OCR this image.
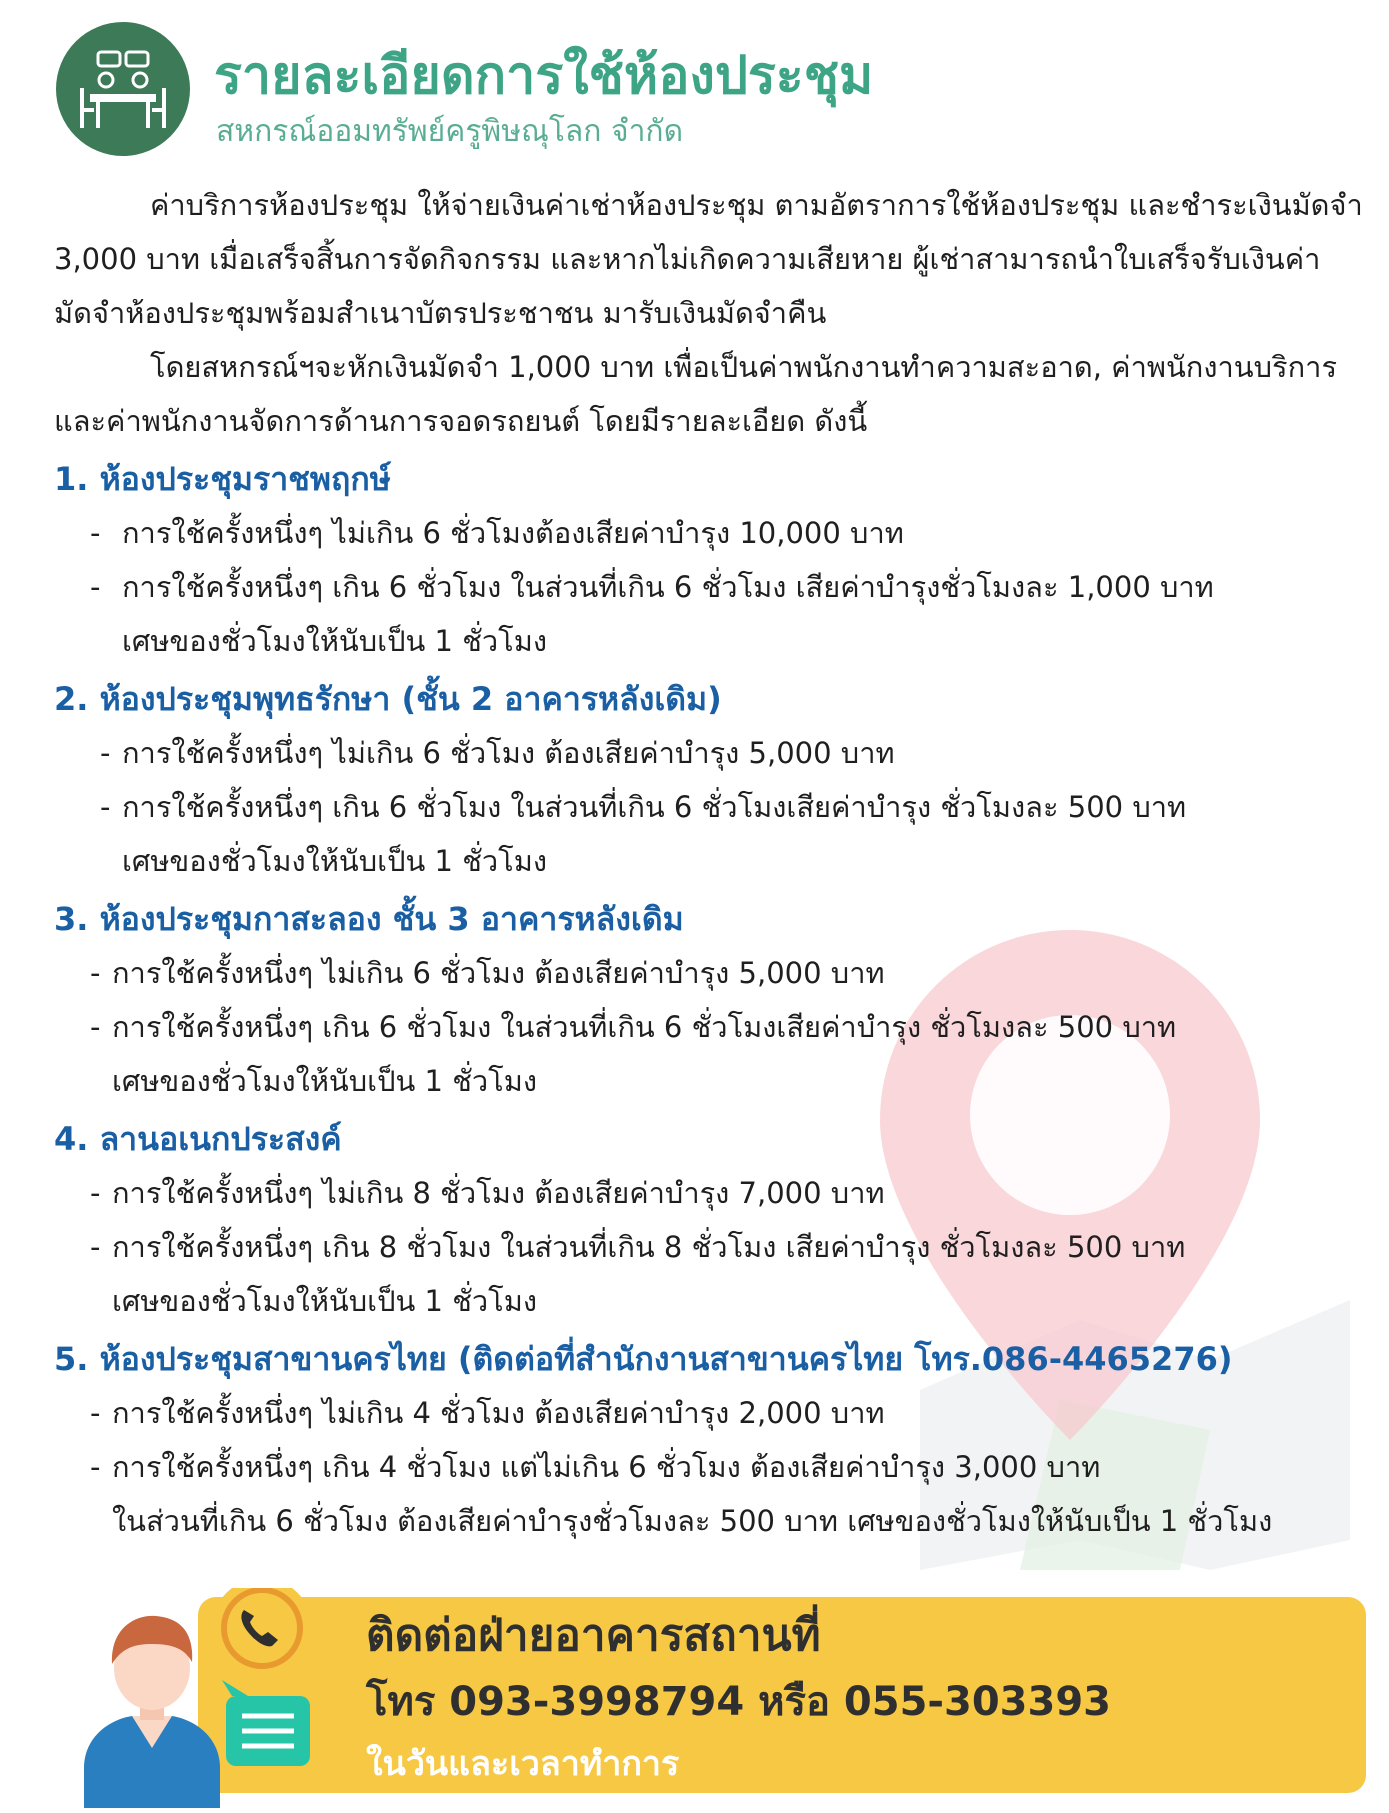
รายละเอียดการใช้ห้องประชุม
สหกรณ์ออมทรัพย์ครูพิษณุโลก จำกัด

ค่าบริการห้องประชุม ให้จ่ายเงินค่าเช่าห้องประชุม ตามอัตราการใช้ห้องประชุม และชำระเงินมัดจำ 3,000 บาท เมื่อเสร็จสิ้นการจัดกิจกรรม และหากไม่เกิดความเสียหาย ผู้เช่าสามารถนำใบเสร็จรับเงินค่ามัดจำห้องประชุมพร้อมสำเนาบัตรประชาชน มารับเงินมัดจำคืน

โดยสหกรณ์ฯจะหักเงินมัดจำ 1,000 บาท เพื่อเป็นค่าพนักงานทำความสะอาด, ค่าพนักงานบริการ และค่าพนักงานจัดการด้านการจอดรถยนต์ โดยมีรายละเอียด ดังนี้

1. ห้องประชุมราชพฤกษ์
- การใช้ครั้งหนึ่งๆ ไม่เกิน 6 ชั่วโมงต้องเสียค่าบำรุง 10,000 บาท
- การใช้ครั้งหนึ่งๆ เกิน 6 ชั่วโมง ในส่วนที่เกิน 6 ชั่วโมง เสียค่าบำรุงชั่วโมงละ 1,000 บาท
เศษของชั่วโมงให้นับเป็น 1 ชั่วโมง
2. ห้องประชุมพุทธรักษา (ชั้น 2 อาคารหลังเดิม)
- การใช้ครั้งหนึ่งๆ ไม่เกิน 6 ชั่วโมง ต้องเสียค่าบำรุง 5,000 บาท
- การใช้ครั้งหนึ่งๆ เกิน 6 ชั่วโมง ในส่วนที่เกิน 6 ชั่วโมงเสียค่าบำรุง ชั่วโมงละ 500 บาท
เศษของชั่วโมงให้นับเป็น 1 ชั่วโมง
3. ห้องประชุมกาสะลอง ชั้น 3 อาคารหลังเดิม
- การใช้ครั้งหนึ่งๆ ไม่เกิน 6 ชั่วโมง ต้องเสียค่าบำรุง 5,000 บาท
- การใช้ครั้งหนึ่งๆ เกิน 6 ชั่วโมง ในส่วนที่เกิน 6 ชั่วโมงเสียค่าบำรุง ชั่วโมงละ 500 บาท
เศษของชั่วโมงให้นับเป็น 1 ชั่วโมง
4. ลานอเนกประสงค์
- การใช้ครั้งหนึ่งๆ ไม่เกิน 8 ชั่วโมง ต้องเสียค่าบำรุง 7,000 บาท
- การใช้ครั้งหนึ่งๆ เกิน 8 ชั่วโมง ในส่วนที่เกิน 8 ชั่วโมง เสียค่าบำรุง ชั่วโมงละ 500 บาท
เศษของชั่วโมงให้นับเป็น 1 ชั่วโมง
5. ห้องประชุมสาขานครไทย (ติดต่อที่สำนักงานสาขานครไทย โทร.086-4465276)
- การใช้ครั้งหนึ่งๆ ไม่เกิน 4 ชั่วโมง ต้องเสียค่าบำรุง 2,000 บาท
- การใช้ครั้งหนึ่งๆ เกิน 4 ชั่วโมง แต่ไม่เกิน 6 ชั่วโมง ต้องเสียค่าบำรุง 3,000 บาท
ในส่วนที่เกิน 6 ชั่วโมง ต้องเสียค่าบำรุงชั่วโมงละ 500 บาท เศษของชั่วโมงให้นับเป็น 1 ชั่วโมง
ติดต่อฝ่ายอาคารสถานที่
โทร 093-3998794 หรือ 055-303393
ในวันและเวลาทำการ
